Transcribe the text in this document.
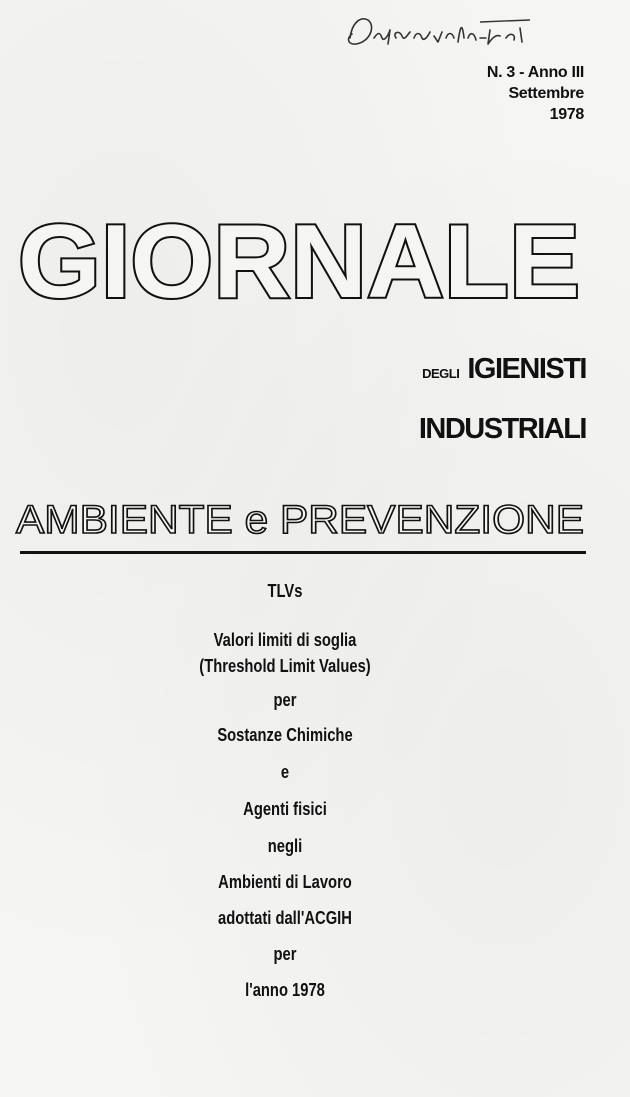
N. 3 - Anno III
Settembre
1978
GIORNALE
DEGLI IGIENISTI
INDUSTRIALI
AMBIENTE e PREVENZIONE
TLVs
Valori limiti di soglia
(Threshold Limit Values)
per
Sostanze Chimiche
e
Agenti fisici
negli
Ambienti di Lavoro
adottati dall'ACGIH
per
l'anno 1978
